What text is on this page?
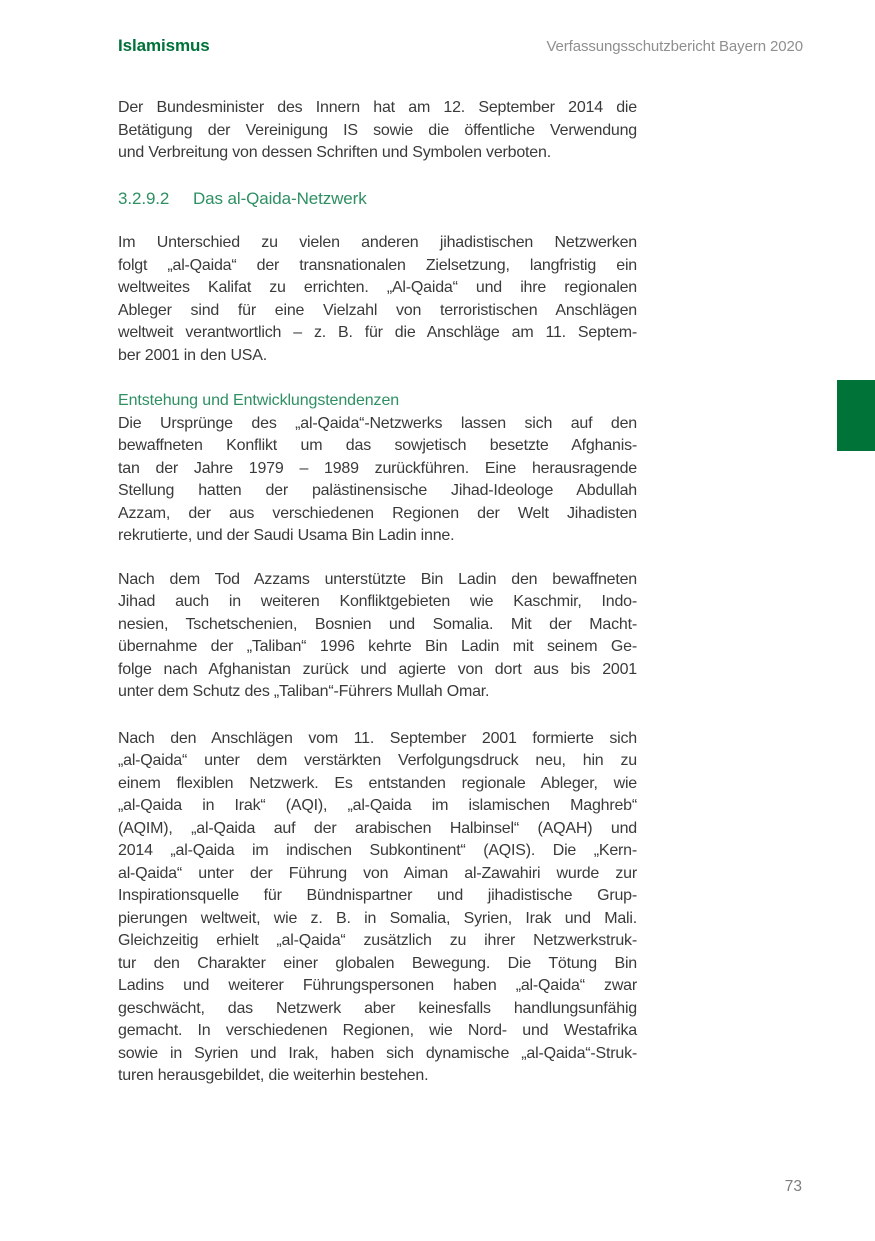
Islamismus	Verfassungsschutzbericht Bayern 2020
Der Bundesminister des Innern hat am 12. September 2014 die
Betätigung der Vereinigung IS sowie die öffentliche Verwendung
und Verbreitung von dessen Schriften und Symbolen verboten.
3.2.9.2 Das al-Qaida-Netzwerk
Im Unterschied zu vielen anderen jihadistischen Netzwerken
folgt „al-Qaida“ der transnationalen Zielsetzung, langfristig ein
weltweites Kalifat zu errichten. „Al-Qaida“ und ihre regionalen
Ableger sind für eine Vielzahl von terroristischen Anschlägen
weltweit verantwortlich – z. B. für die Anschläge am 11. Septem-
ber 2001 in den USA.
Entstehung und Entwicklungstendenzen
Die Ursprünge des „al-Qaida“-Netzwerks lassen sich auf den
bewaffneten Konflikt um das sowjetisch besetzte Afghanis-
tan der Jahre 1979 – 1989 zurückführen. Eine herausragende
Stellung hatten der palästinensische Jihad-Ideologe Abdullah
Azzam, der aus verschiedenen Regionen der Welt Jihadisten
rekrutierte, und der Saudi Usama Bin Ladin inne.
Nach dem Tod Azzams unterstützte Bin Ladin den bewaffneten
Jihad auch in weiteren Konfliktgebieten wie Kaschmir, Indo-
nesien, Tschetschenien, Bosnien und Somalia. Mit der Macht-
übernahme der „Taliban“ 1996 kehrte Bin Ladin mit seinem Ge-
folge nach Afghanistan zurück und agierte von dort aus bis 2001
unter dem Schutz des „Taliban“-Führers Mullah Omar.
Nach den Anschlägen vom 11. September 2001 formierte sich
„al-Qaida“ unter dem verstärkten Verfolgungsdruck neu, hin zu
einem flexiblen Netzwerk. Es entstanden regionale Ableger, wie
„al-Qaida in Irak“ (AQI), „al-Qaida im islamischen Maghreb“
(AQIM), „al-Qaida auf der arabischen Halbinsel“ (AQAH) und
2014 „al-Qaida im indischen Subkontinent“ (AQIS). Die „Kern-
al-Qaida“ unter der Führung von Aiman al-Zawahiri wurde zur
Inspirationsquelle für Bündnispartner und jihadistische Grup-
pierungen weltweit, wie z. B. in Somalia, Syrien, Irak und Mali.
Gleichzeitig erhielt „al-Qaida“ zusätzlich zu ihrer Netzwerkstruk-
tur den Charakter einer globalen Bewegung. Die Tötung Bin
Ladins und weiterer Führungspersonen haben „al-Qaida“ zwar
geschwächt, das Netzwerk aber keinesfalls handlungsunfähig
gemacht. In verschiedenen Regionen, wie Nord- und Westafrika
sowie in Syrien und Irak, haben sich dynamische „al-Qaida“-Struk-
turen herausgebildet, die weiterhin bestehen.
73
